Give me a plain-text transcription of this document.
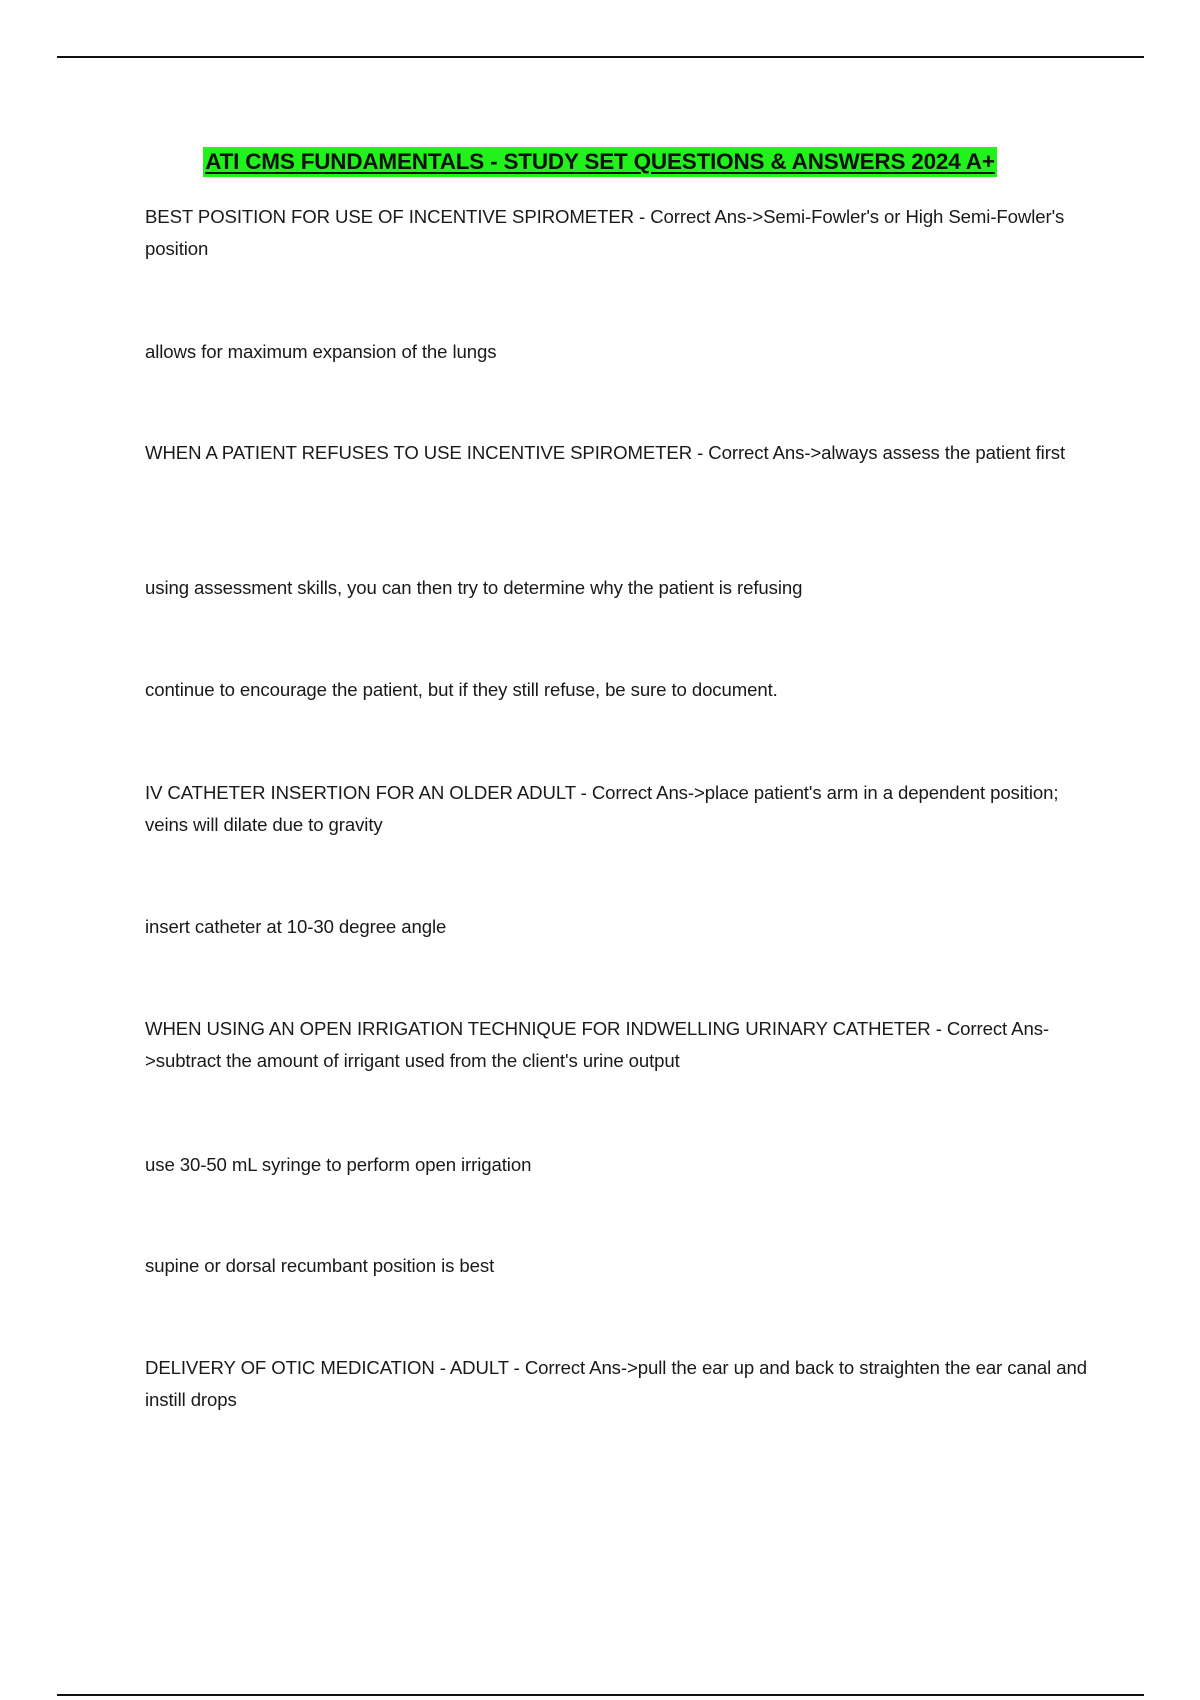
ATI CMS FUNDAMENTALS - STUDY SET QUESTIONS & ANSWERS 2024 A+

BEST POSITION FOR USE OF INCENTIVE SPIROMETER - Correct Ans->Semi-Fowler's or High Semi-Fowler's position

allows for maximum expansion of the lungs

WHEN A PATIENT REFUSES TO USE INCENTIVE SPIROMETER - Correct Ans->always assess the patient first

using assessment skills, you can then try to determine why the patient is refusing

continue to encourage the patient, but if they still refuse, be sure to document.

IV CATHETER INSERTION FOR AN OLDER ADULT - Correct Ans->place patient's arm in a dependent position; veins will dilate due to gravity

insert catheter at 10-30 degree angle

WHEN USING AN OPEN IRRIGATION TECHNIQUE FOR INDWELLING URINARY CATHETER - Correct Ans->subtract the amount of irrigant used from the client's urine output

use 30-50 mL syringe to perform open irrigation

supine or dorsal recumbant position is best

DELIVERY OF OTIC MEDICATION - ADULT - Correct Ans->pull the ear up and back to straighten the ear canal and instill drops
